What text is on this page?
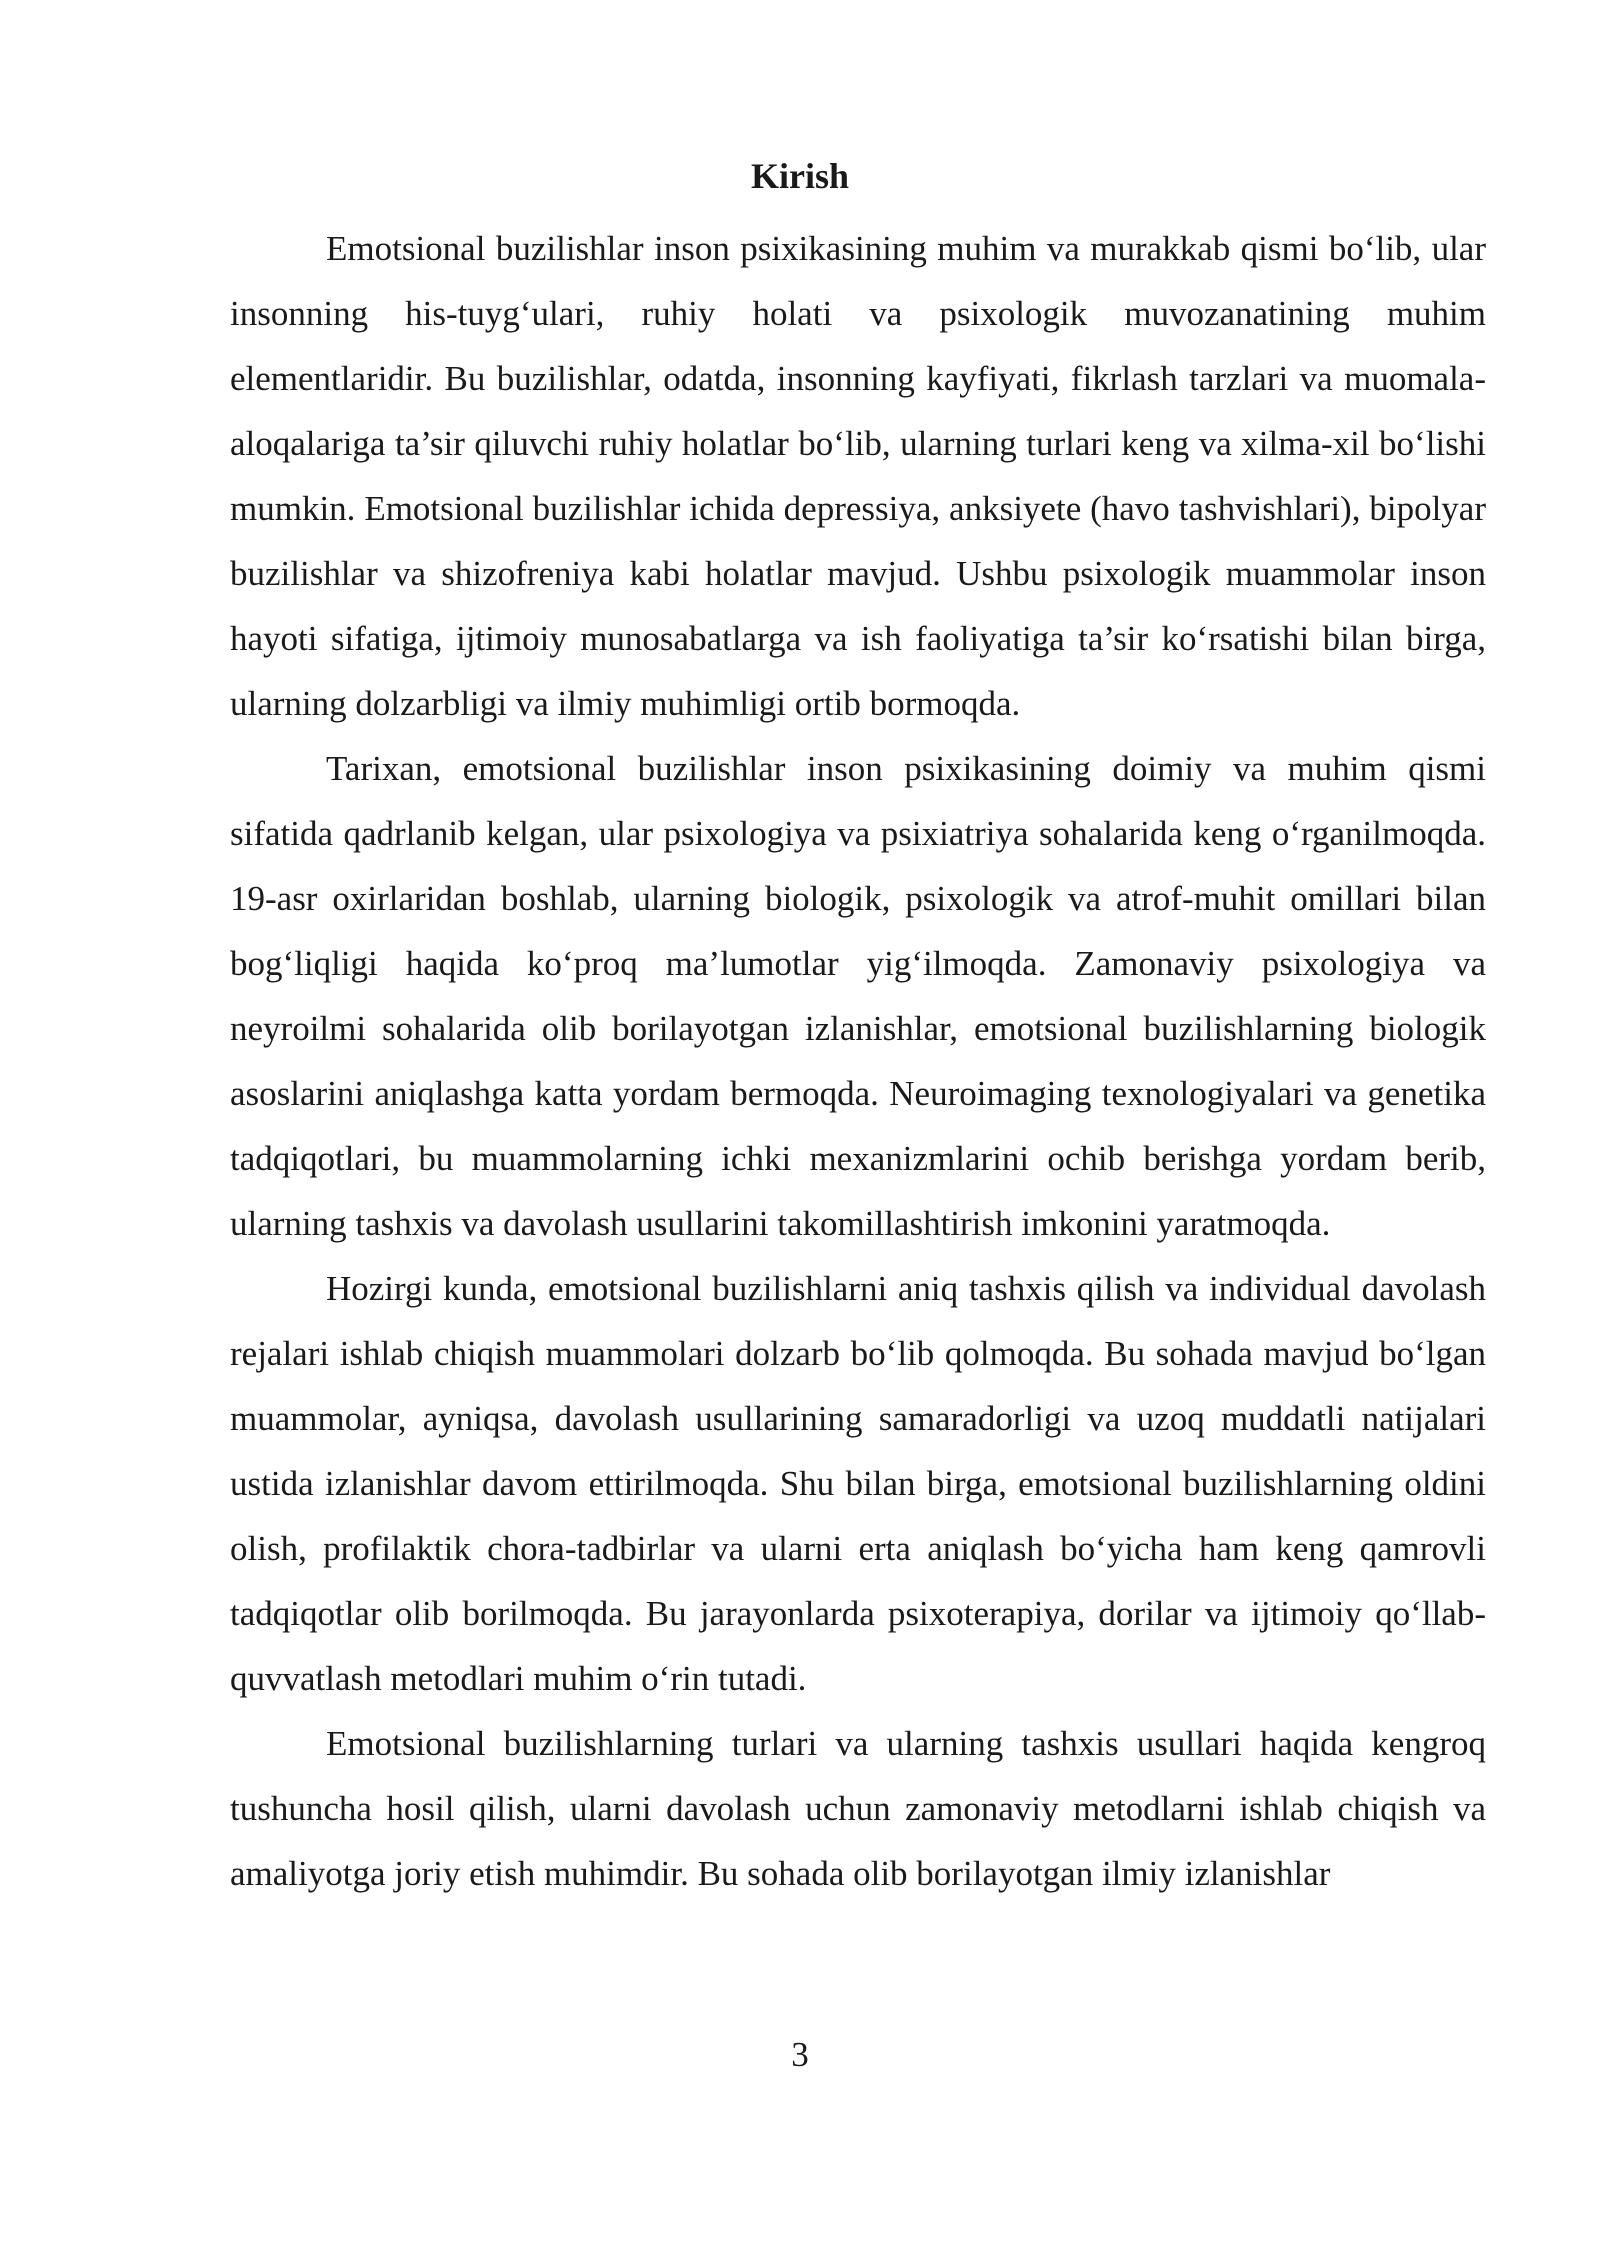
Kirish

Emotsional buzilishlar inson psixikasining muhim va murakkab qismi bo‘lib, ular insonning his-tuyg‘ulari, ruhiy holati va psixologik muvozanatining muhim elementlaridir. Bu buzilishlar, odatda, insonning kayfiyati, fikrlash tarzlari va muomala-aloqalariga ta’sir qiluvchi ruhiy holatlar bo‘lib, ularning turlari keng va xilma-xil bo‘lishi mumkin. Emotsional buzilishlar ichida depressiya, anksiyete (havo tashvishlari), bipolyar buzilishlar va shizofreniya kabi holatlar mavjud. Ushbu psixologik muammolar inson hayoti sifatiga, ijtimoiy munosabatlarga va ish faoliyatiga ta’sir ko‘rsatishi bilan birga, ularning dolzarbligi va ilmiy muhimligi ortib bormoqda.

Tarixan, emotsional buzilishlar inson psixikasining doimiy va muhim qismi sifatida qadrlanib kelgan, ular psixologiya va psixiatriya sohalarida keng o‘rganilmoqda. 19-asr oxirlaridan boshlab, ularning biologik, psixologik va atrof-muhit omillari bilan bog‘liqligi haqida ko‘proq ma’lumotlar yig‘ilmoqda. Zamonaviy psixologiya va neyroilmi sohalarida olib borilayotgan izlanishlar, emotsional buzilishlarning biologik asoslarini aniqlashga katta yordam bermoqda. Neuroimaging texnologiyalari va genetika tadqiqotlari, bu muammolarning ichki mexanizmlarini ochib berishga yordam berib, ularning tashxis va davolash usullarini takomillashtirish imkonini yaratmoqda.

Hozirgi kunda, emotsional buzilishlarni aniq tashxis qilish va individual davolash rejalari ishlab chiqish muammolari dolzarb bo‘lib qolmoqda. Bu sohada mavjud bo‘lgan muammolar, ayniqsa, davolash usullarining samaradorligi va uzoq muddatli natijalari ustida izlanishlar davom ettirilmoqda. Shu bilan birga, emotsional buzilishlarning oldini olish, profilaktik chora-tadbirlar va ularni erta aniqlash bo‘yicha ham keng qamrovli tadqiqotlar olib borilmoqda. Bu jarayonlarda psixoterapiya, dorilar va ijtimoiy qo‘llab-quvvatlash metodlari muhim o‘rin tutadi.

Emotsional buzilishlarning turlari va ularning tashxis usullari haqida kengroq tushuncha hosil qilish, ularni davolash uchun zamonaviy metodlarni ishlab chiqish va amaliyotga joriy etish muhimdir. Bu sohada olib borilayotgan ilmiy izlanishlar

3
